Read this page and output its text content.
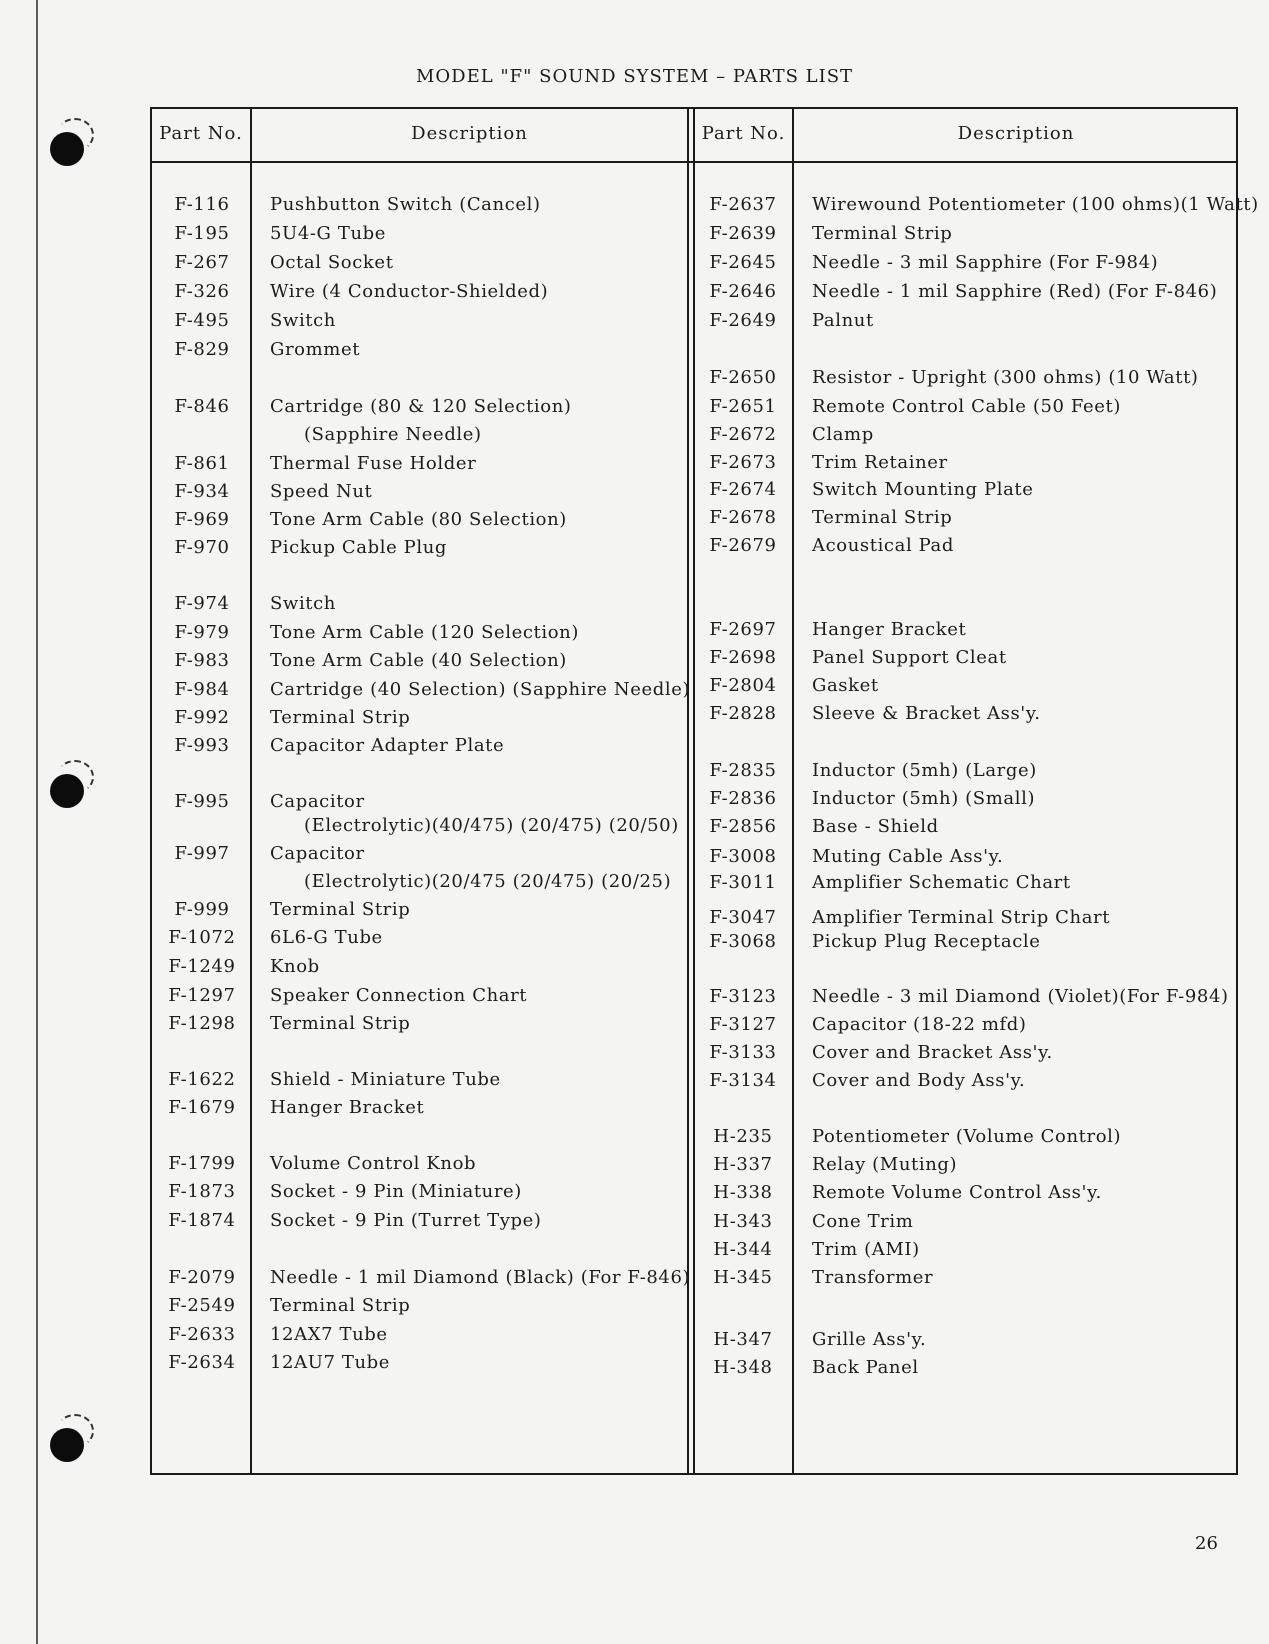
MODEL "F" SOUND SYSTEM – PARTS LIST
Part No.	Description	Part No.	Description
F-116	Pushbutton Switch (Cancel)
F-195	5U4-G Tube
F-267	Octal Socket
F-326	Wire (4 Conductor-Shielded)
F-495	Switch
F-829	Grommet
F-846	Cartridge (80 & 120 Selection)
(Sapphire Needle)
F-861	Thermal Fuse Holder
F-934	Speed Nut
F-969	Tone Arm Cable (80 Selection)
F-970	Pickup Cable Plug
F-974	Switch
F-979	Tone Arm Cable (120 Selection)
F-983	Tone Arm Cable (40 Selection)
F-984	Cartridge (40 Selection) (Sapphire Needle)
F-992	Terminal Strip
F-993	Capacitor Adapter Plate
F-995	Capacitor
(Electrolytic)(40/475) (20/475) (20/50)
F-997	Capacitor
(Electrolytic)(20/475 (20/475) (20/25)
F-999	Terminal Strip
F-1072	6L6-G Tube
F-1249	Knob
F-1297	Speaker Connection Chart
F-1298	Terminal Strip
F-1622	Shield - Miniature Tube
F-1679	Hanger Bracket
F-1799	Volume Control Knob
F-1873	Socket - 9 Pin (Miniature)
F-1874	Socket - 9 Pin (Turret Type)
F-2079	Needle - 1 mil Diamond (Black) (For F-846)
F-2549	Terminal Strip
F-2633	12AX7 Tube
F-2634	12AU7 Tube
F-2637	Wirewound Potentiometer (100 ohms)(1 Watt)
F-2639	Terminal Strip
F-2645	Needle - 3 mil Sapphire (For F-984)
F-2646	Needle - 1 mil Sapphire (Red) (For F-846)
F-2649	Palnut
F-2650	Resistor - Upright (300 ohms) (10 Watt)
F-2651	Remote Control Cable (50 Feet)
F-2672	Clamp
F-2673	Trim Retainer
F-2674	Switch Mounting Plate
F-2678	Terminal Strip
F-2679	Acoustical Pad
F-2697	Hanger Bracket
F-2698	Panel Support Cleat
F-2804	Gasket
F-2828	Sleeve & Bracket Ass'y.
F-2835	Inductor (5mh) (Large)
F-2836	Inductor (5mh) (Small)
F-2856	Base - Shield
F-3008	Muting Cable Ass'y.
F-3011	Amplifier Schematic Chart
F-3047	Amplifier Terminal Strip Chart
F-3068	Pickup Plug Receptacle
F-3123	Needle - 3 mil Diamond (Violet)(For F-984)
F-3127	Capacitor (18-22 mfd)
F-3133	Cover and Bracket Ass'y.
F-3134	Cover and Body Ass'y.
H-235	Potentiometer (Volume Control)
H-337	Relay (Muting)
H-338	Remote Volume Control Ass'y.
H-343	Cone Trim
H-344	Trim (AMI)
H-345	Transformer
H-347	Grille Ass'y.
H-348	Back Panel
26
